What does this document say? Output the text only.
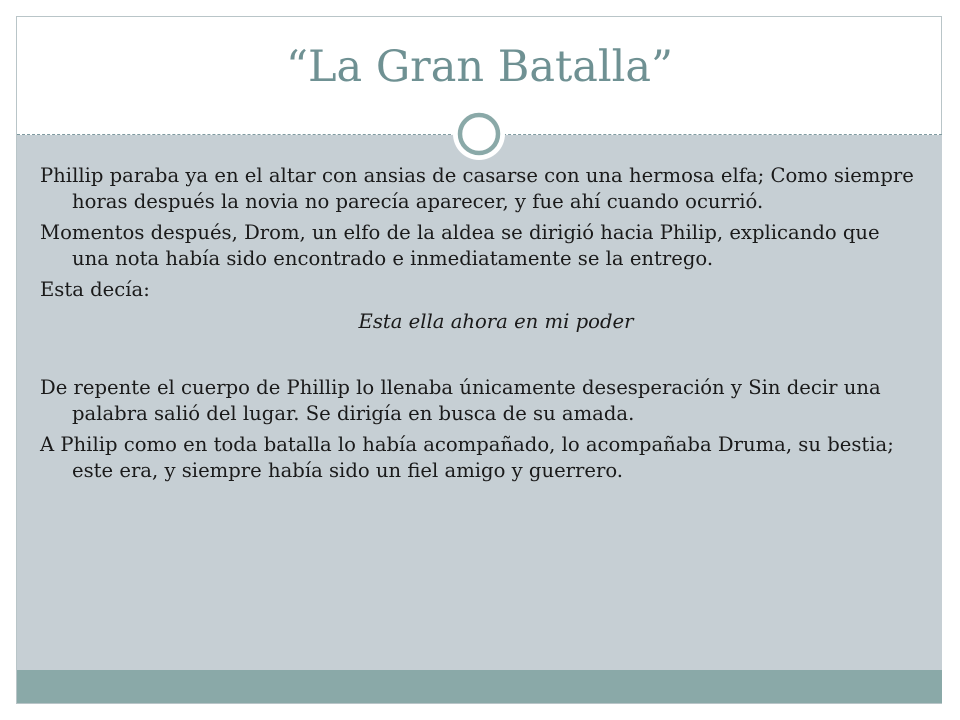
“La Gran Batalla”

Phillip paraba ya en el altar con ansias de casarse con una hermosa elfa; Como siempre horas después la novia no parecía aparecer, y fue ahí cuando ocurrió.

Momentos después, Drom, un elfo de la aldea se dirigió hacia Philip, explicando que una nota había sido encontrado e inmediatamente se la entrego.

Esta decía:

Esta ella ahora en mi poder

De repente el cuerpo de Phillip lo llenaba únicamente desesperación y Sin decir una palabra salió del lugar. Se dirigía en busca de su amada.

A Philip como en toda batalla lo había acompañado, lo acompañaba Druma, su bestia; este era, y siempre había sido un fiel amigo y guerrero.
